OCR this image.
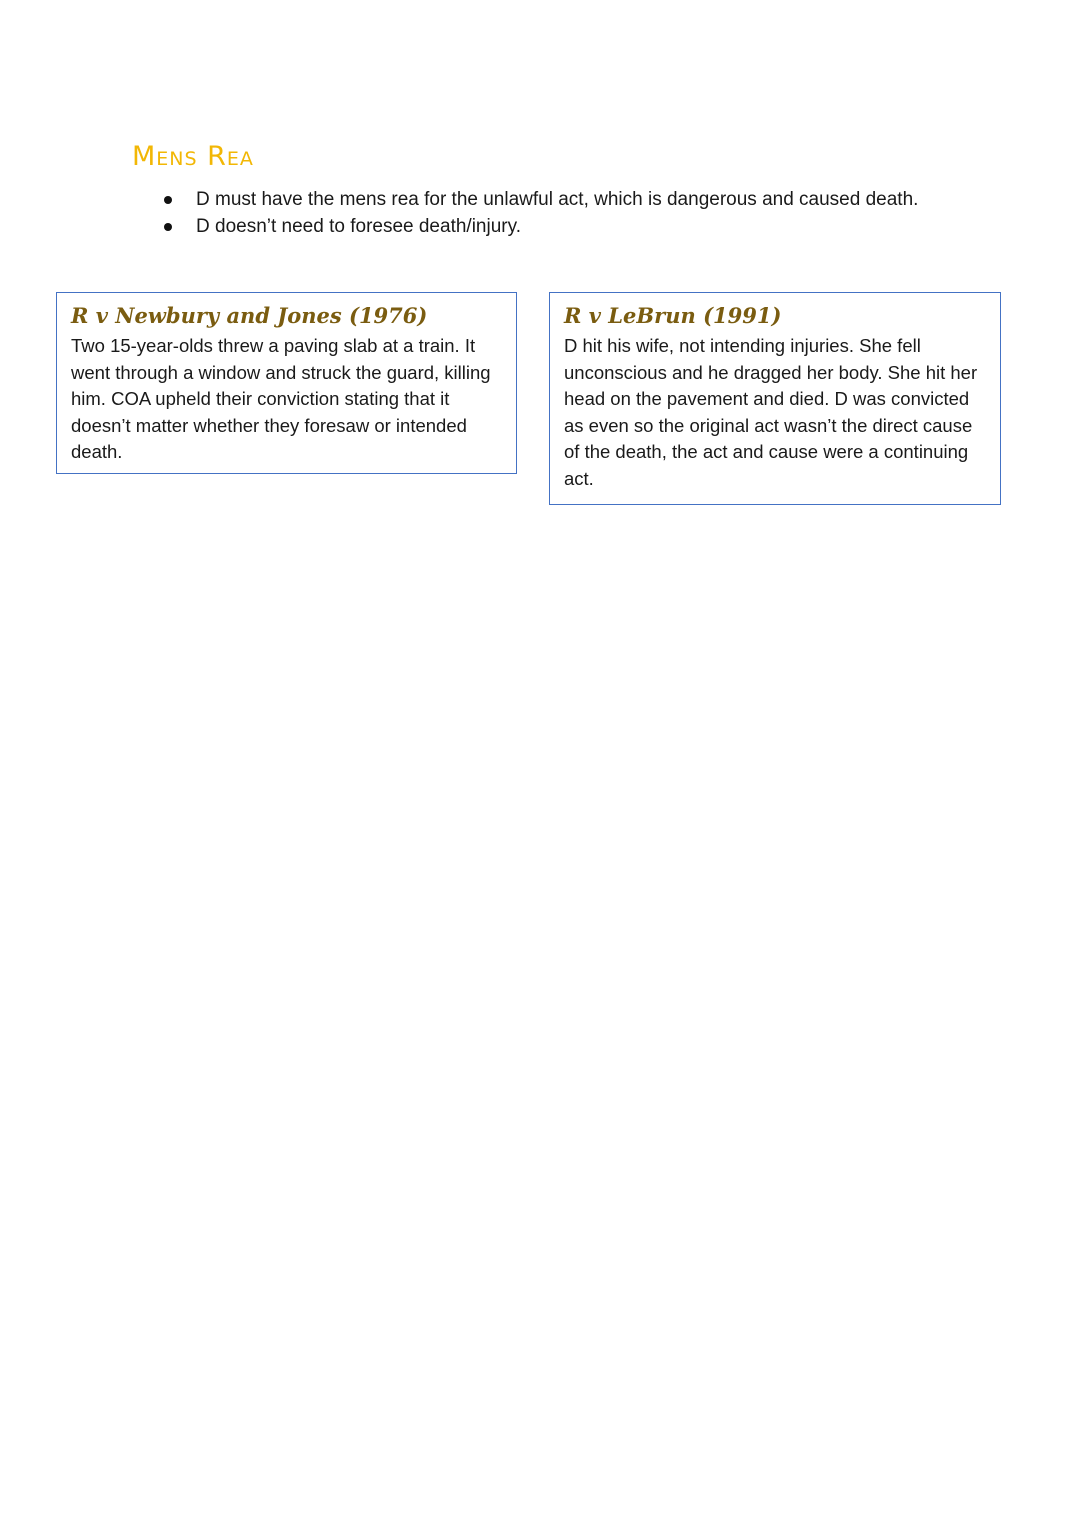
Mens Rea
D must have the mens rea for the unlawful act, which is dangerous and caused death.
D doesn’t need to foresee death/injury.
R v Newbury and Jones (1976)

Two 15-year-olds threw a paving slab at a train. It went through a window and struck the guard, killing him. COA upheld their conviction stating that it doesn’t matter whether they foresaw or intended death.

R v LeBrun (1991)

D hit his wife, not intending injuries. She fell unconscious and he dragged her body. She hit her head on the pavement and died. D was convicted as even so the original act wasn’t the direct cause of the death, the act and cause were a continuing act.
